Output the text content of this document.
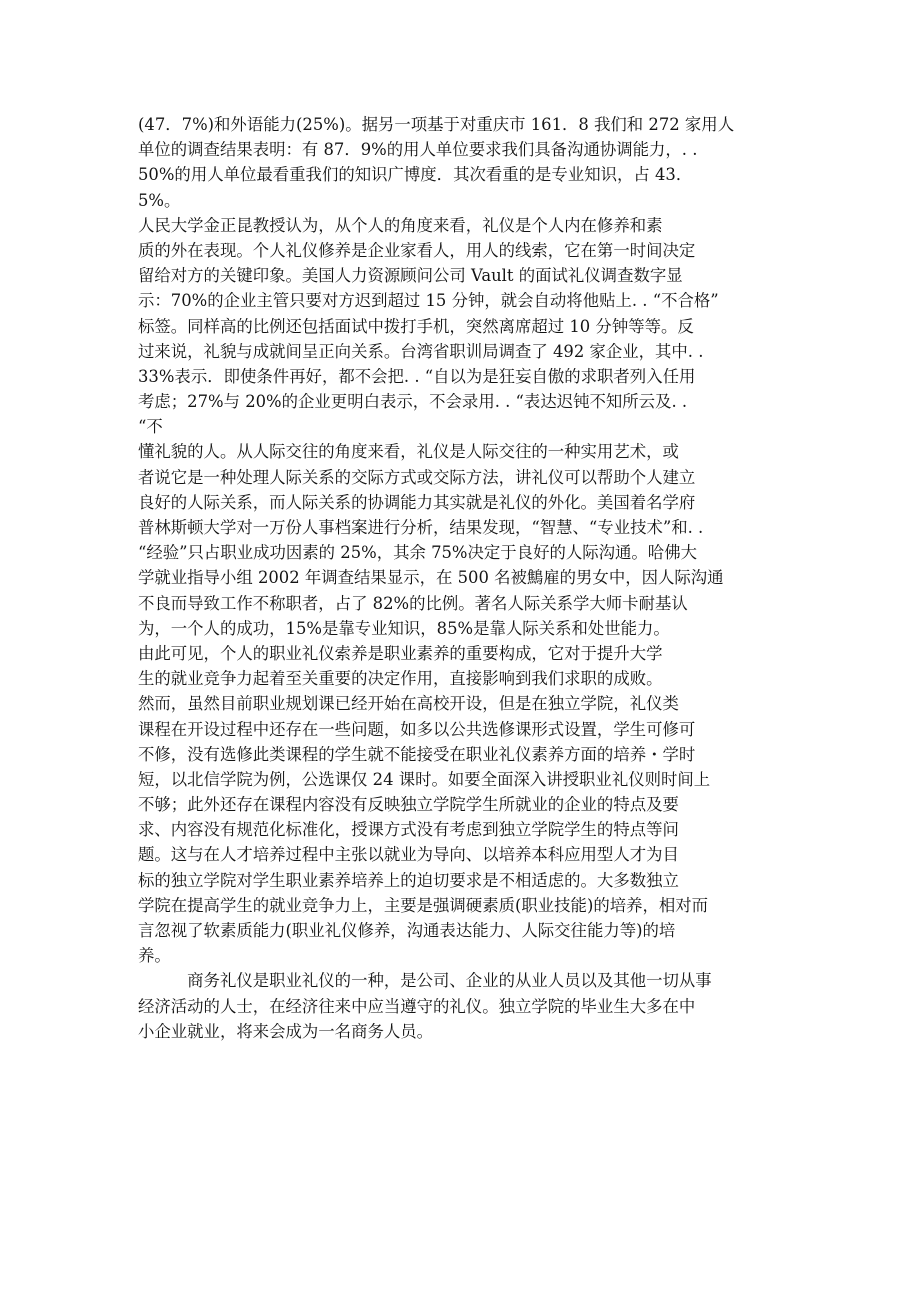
(47．7%)和外语能力(25%)。据另一项基于对重庆市 161．8 我们和 272 家用人
单位的调查结果表明：有 87．9%的用人单位要求我们具备沟通协调能力，. .
50%的用人单位最看重我们的知识广博度．其次看重的是专业知识，占 43．
5%。
人民大学金正昆教授认为，从个人的角度来看，礼仪是个人内在修养和素
质的外在表现。个人礼仪修养是企业家看人，用人的线索，它在第一时间决定
留给对方的关键印象。美国人力资源顾问公司 Vault 的面试礼仪调查数字显
示：70%的企业主管只要对方迟到超过 15 分钟，就会自动将他贴上. . “不合格”
标签。同样高的比例还包括面试中拨打手机，突然离席超过 10 分钟等等。反
过来说，礼貌与成就间呈正向关系。台湾省职训局调查了 492 家企业，其中. .
33%表示．即使条件再好，都不会把. . “自以为是狂妄自傲的求职者列入任用
考虑；27%与 20%的企业更明白表示，不会录用. . “表达迟钝不知所云及. .
“不
懂礼貌的人。从人际交往的角度来看，礼仪是人际交往的一种实用艺术，或
者说它是一种处理人际关系的交际方式或交际方法，讲礼仪可以帮助个人建立
良好的人际关系，而人际关系的协调能力其实就是礼仪的外化。美国着名学府
普林斯顿大学对一万份人事档案进行分析，结果发现，“智慧、“专业技术”和. .
“经验”只占职业成功因素的 25%，其余 75%决定于良好的人际沟通。哈佛大
学就业指导小组 2002 年调查结果显示，在 500 名被鷦雇的男女中，因人际沟通
不良而导致工作不称职者，占了 82%的比例。著名人际关系学大师卡耐基认
为，一个人的成功，15%是靠专业知识，85%是靠人际关系和处世能力。
由此可见，个人的职业礼仪索养是职业素养的重要构成，它对于提升大学
生的就业竞争力起着至关重要的决定作用，直接影响到我们求职的成败。
然而，虽然目前职业规划课已经开始在高校开设，但是在独立学院，礼仪类
课程在开设过程中还存在一些问题，如多以公共选修课形式设置，学生可修可
不修，没有选修此类课程的学生就不能接受在职业礼仪素养方面的培养・学时
短，以北信学院为例，公选课仅 24 课时。如要全面深入讲授职业礼仪则时间上
不够；此外还存在课程内容没有反映独立学院学生所就业的企业的特点及要
求、内容没有规范化标准化，授课方式没有考虑到独立学院学生的特点等问
题。这与在人才培养过程中主张以就业为导向、以培养本科应用型人才为目
标的独立学院对学生职业素养培养上的迫切要求是不相适虑的。大多数独立
学院在提高学生的就业竞争力上，主要是强调硬素质(职业技能)的培养，相对而
言忽视了软素质能力(职业礼仪修养，沟通表达能力、人际交往能力等)的培
养。
　　　商务礼仪是职业礼仪的一种，是公司、企业的从业人员以及其他一切从事
经济活动的人士，在经济往来中应当遵守的礼仪。独立学院的毕业生大多在中
小企业就业，将来会成为一名商务人员。
